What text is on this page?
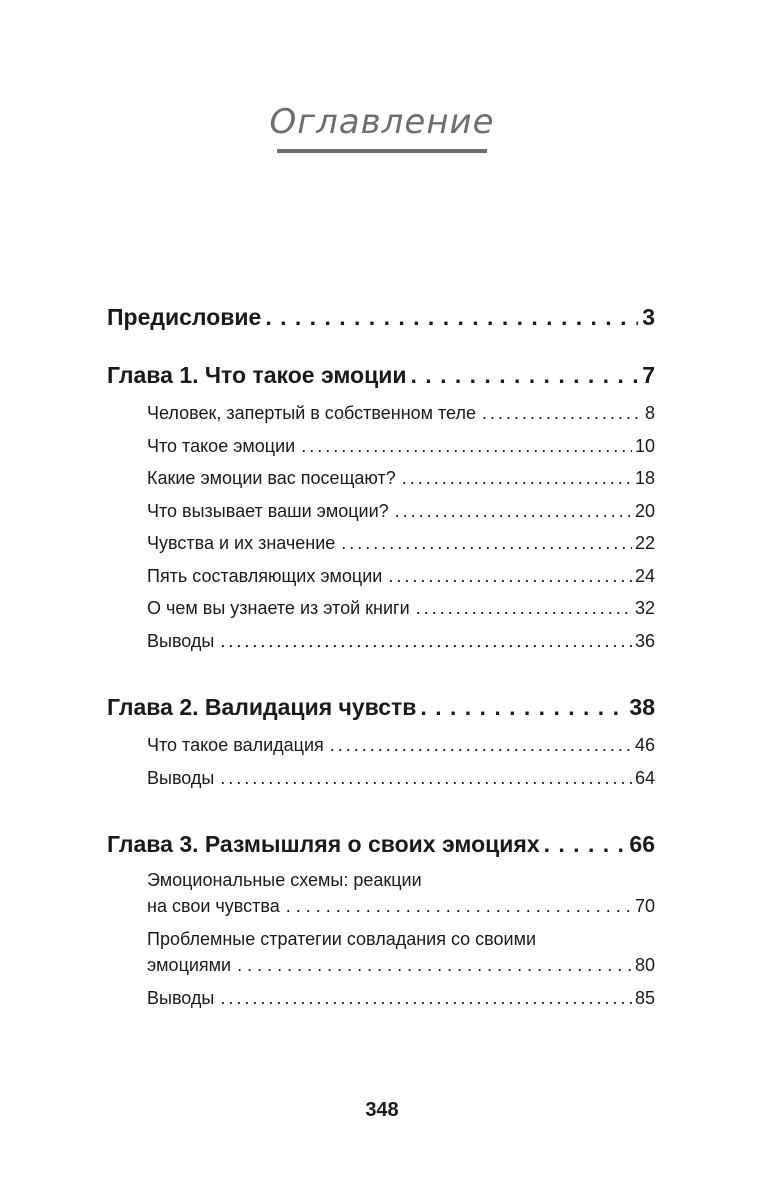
Оглавление
Предисловие . . .	3
Глава 1. Что такое эмоции . . .	7
Человек, запертый в собственном теле . . .	8
Что такое эмоции . . .	10
Какие эмоции вас посещают? . . .	18
Что вызывает ваши эмоции? . . .	20
Чувства и их значение . . .	22
Пять составляющих эмоции . . .	24
О чем вы узнаете из этой книги . . .	32
Выводы . . .	36
Глава 2. Валидация чувств . . .	38
Что такое валидация . . .	46
Выводы . . .	64
Глава 3. Размышляя о своих эмоциях . . .	66
Эмоциональные схемы: реакции
на свои чувства . . .	70
Проблемные стратегии совладания со своими
эмоциями . . .	80
Выводы . . .	85
348
